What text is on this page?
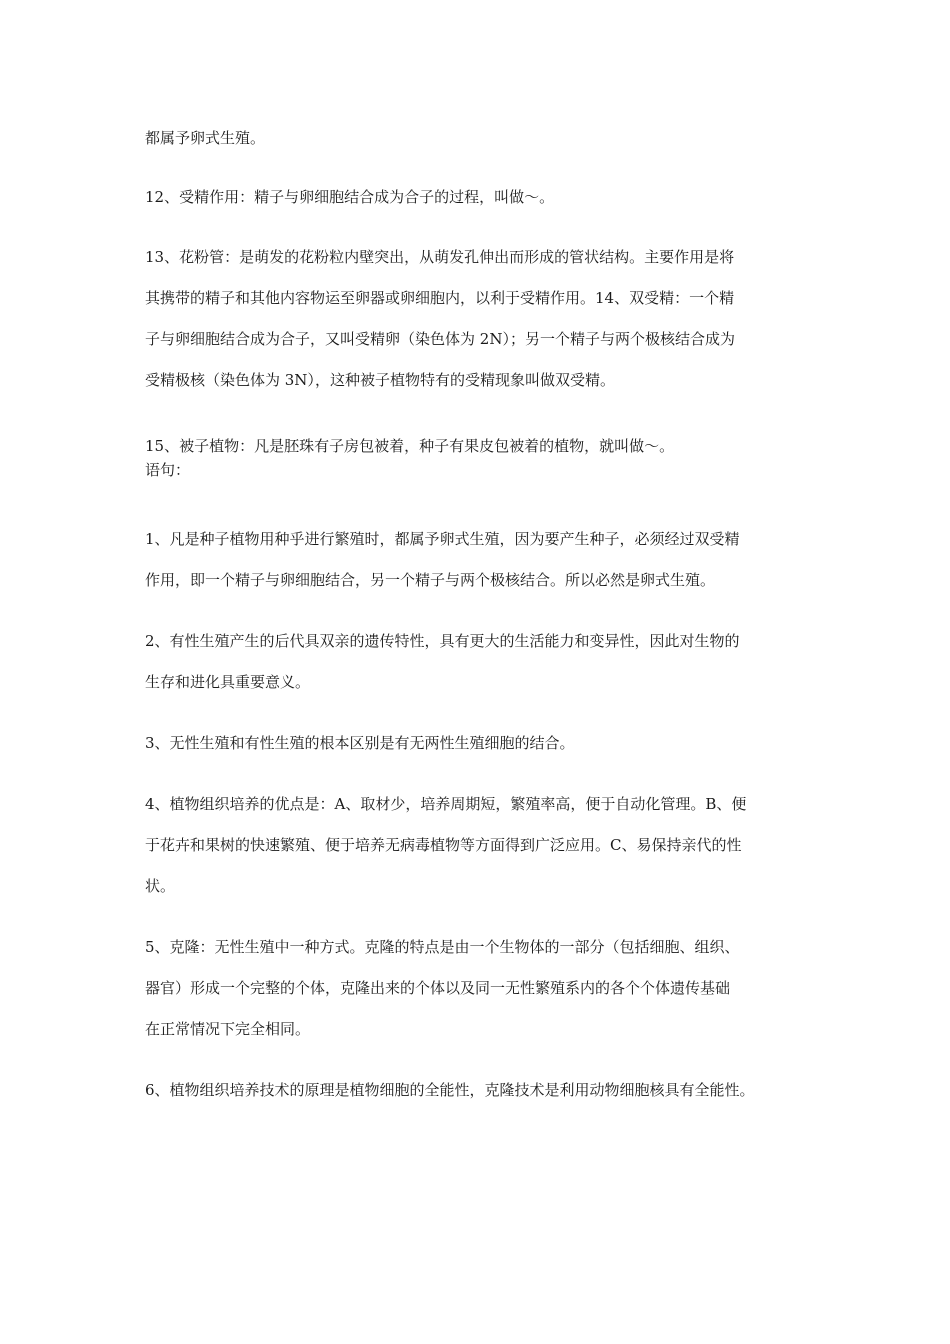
都属予卵式生殖。

12、受精作用：精子与卵细胞结合成为合子的过程，叫做～。

13、花粉管：是萌发的花粉粒内壁突出，从萌发孔伸出而形成的管状结构。主要作用是将
其携带的精子和其他内容物运至卵器或卵细胞内，以利于受精作用。14、双受精：一个精
子与卵细胞结合成为合子，又叫受精卵（染色体为 2N）；另一个精子与两个极核结合成为
受精极核（染色体为 3N），这种被子植物特有的受精现象叫做双受精。

15、被子植物：凡是胚珠有子房包被着，种子有果皮包被着的植物，就叫做～。
语句：

1、凡是种子植物用种乎进行繁殖时，都属予卵式生殖，因为要产生种子，必须经过双受精
作用，即一个精子与卵细胞结合，另一个精子与两个极核结合。所以必然是卵式生殖。

2、有性生殖产生的后代具双亲的遗传特性，具有更大的生活能力和变异性，因此对生物的
生存和进化具重要意义。

3、无性生殖和有性生殖的根本区别是有无两性生殖细胞的结合。

4、植物组织培养的优点是：A、取材少，培养周期短，繁殖率高，便于自动化管理。B、便
于花卉和果树的快速繁殖、便于培养无病毒植物等方面得到广泛应用。C、易保持亲代的性
状。

5、克隆：无性生殖中一种方式。克隆的特点是由一个生物体的一部分（包括细胞、组织、
器官）形成一个完整的个体，克隆出来的个体以及同一无性繁殖系内的各个个体遗传基础
在正常情况下完全相同。

6、植物组织培养技术的原理是植物细胞的全能性，克隆技术是利用动物细胞核具有全能性。
